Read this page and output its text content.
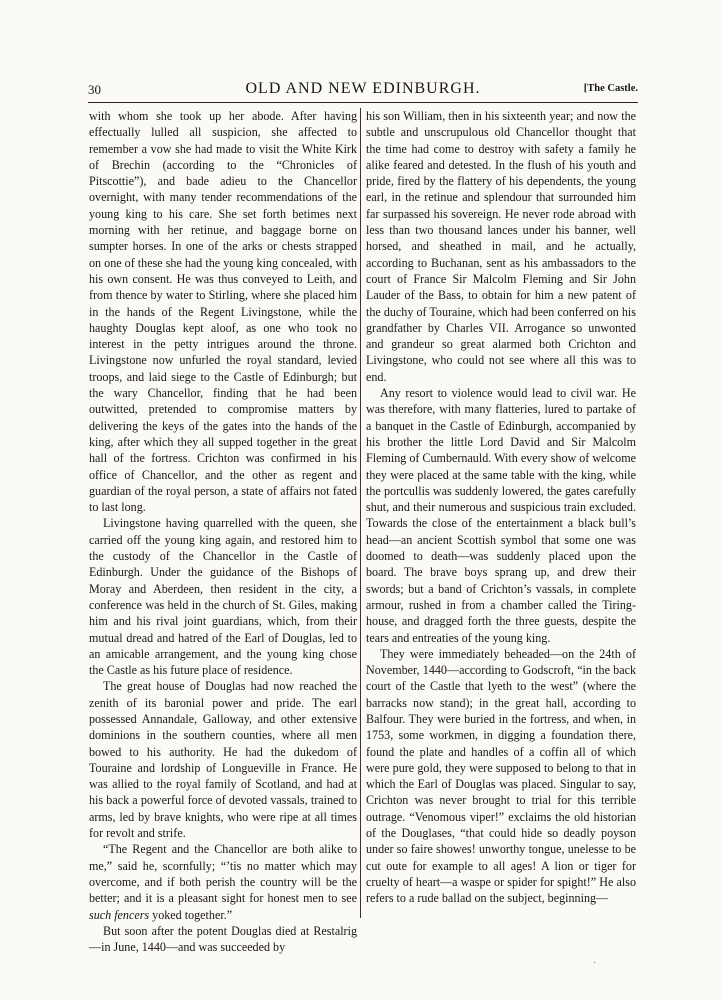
30	OLD AND NEW EDINBURGH.	[The Castle.

with whom she took up her abode. After having effectually lulled all suspicion, she affected to remember a vow she had made to visit the White Kirk of Brechin (according to the “Chronicles of Pitscottie”), and bade adieu to the Chancellor overnight, with many tender recommendations of the young king to his care. She set forth betimes next morning with her retinue, and baggage borne on sumpter horses. In one of the arks or chests strapped on one of these she had the young king concealed, with his own consent. He was thus conveyed to Leith, and from thence by water to Stirling, where she placed him in the hands of the Regent Livingstone, while the haughty Douglas kept aloof, as one who took no interest in the petty intrigues around the throne. Livingstone now unfurled the royal standard, levied troops, and laid siege to the Castle of Edinburgh; but the wary Chancellor, finding that he had been outwitted, pretended to compromise matters by delivering the keys of the gates into the hands of the king, after which they all supped together in the great hall of the fortress. Crichton was confirmed in his office of Chancellor, and the other as regent and guardian of the royal person, a state of affairs not fated to last long.

Livingstone having quarrelled with the queen, she carried off the young king again, and restored him to the custody of the Chancellor in the Castle of Edinburgh. Under the guidance of the Bishops of Moray and Aberdeen, then resident in the city, a conference was held in the church of St. Giles, making him and his rival joint guardians, which, from their mutual dread and hatred of the Earl of Douglas, led to an amicable arrangement, and the young king chose the Castle as his future place of residence.

The great house of Douglas had now reached the zenith of its baronial power and pride. The earl possessed Annandale, Galloway, and other extensive dominions in the southern counties, where all men bowed to his authority. He had the dukedom of Touraine and lordship of Longueville in France. He was allied to the royal family of Scotland, and had at his back a powerful force of devoted vassals, trained to arms, led by brave knights, who were ripe at all times for revolt and strife.

“The Regent and the Chancellor are both alike to me,” said he, scornfully; “’tis no matter which may overcome, and if both perish the country will be the better; and it is a pleasant sight for honest men to see such fencers yoked together.”

But soon after the potent Douglas died at Restalrig—in June, 1440—and was succeeded by

his son William, then in his sixteenth year; and now the subtle and unscrupulous old Chancellor thought that the time had come to destroy with safety a family he alike feared and detested. In the flush of his youth and pride, fired by the flattery of his dependents, the young earl, in the retinue and splendour that surrounded him far surpassed his sovereign. He never rode abroad with less than two thousand lances under his banner, well horsed, and sheathed in mail, and he actually, according to Buchanan, sent as his ambassadors to the court of France Sir Malcolm Fleming and Sir John Lauder of the Bass, to obtain for him a new patent of the duchy of Touraine, which had been conferred on his grandfather by Charles VII. Arrogance so unwonted and grandeur so great alarmed both Crichton and Livingstone, who could not see where all this was to end.

Any resort to violence would lead to civil war. He was therefore, with many flatteries, lured to partake of a banquet in the Castle of Edinburgh, accompanied by his brother the little Lord David and Sir Malcolm Fleming of Cumbernauld. With every show of welcome they were placed at the same table with the king, while the portcullis was suddenly lowered, the gates carefully shut, and their numerous and suspicious train excluded. Towards the close of the entertainment a black bull’s head—an ancient Scottish symbol that some one was doomed to death—was suddenly placed upon the board. The brave boys sprang up, and drew their swords; but a band of Crichton’s vassals, in complete armour, rushed in from a chamber called the Tiring-house, and dragged forth the three guests, despite the tears and entreaties of the young king.

They were immediately beheaded—on the 24th of November, 1440—according to Godscroft, “in the back court of the Castle that lyeth to the west” (where the barracks now stand); in the great hall, according to Balfour. They were buried in the fortress, and when, in 1753, some workmen, in digging a foundation there, found the plate and handles of a coffin all of which were pure gold, they were supposed to belong to that in which the Earl of Douglas was placed. Singular to say, Crichton was never brought to trial for this terrible outrage. “Venomous viper!” exclaims the old historian of the Douglases, “that could hide so deadly poyson under so faire showes! unworthy tongue, unelesse to be cut oute for example to all ages! A lion or tiger for cruelty of heart—a waspe or spider for spight!” He also refers to a rude ballad on the subject, beginning—

·
